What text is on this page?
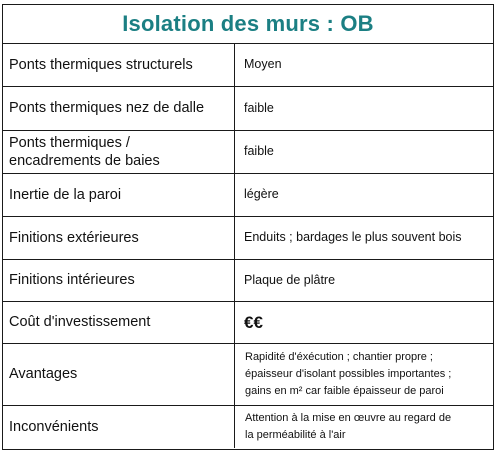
Isolation des murs : OB
Ponts thermiques structurels	Moyen
Ponts thermiques nez de dalle	faible
Ponts thermiques /
encadrements de baies	faible
Inertie de la paroi	légère
Finitions extérieures	Enduits ; bardages le plus souvent bois
Finitions intérieures	Plaque de plâtre
Coût d'investissement	€€
Avantages	Rapidité d'éxécution ; chantier propre ;
épaisseur d'isolant possibles importantes ;
gains en m² car faible épaisseur de paroi
Inconvénients	Attention à la mise en œuvre au regard de
la perméabilité à l'air
